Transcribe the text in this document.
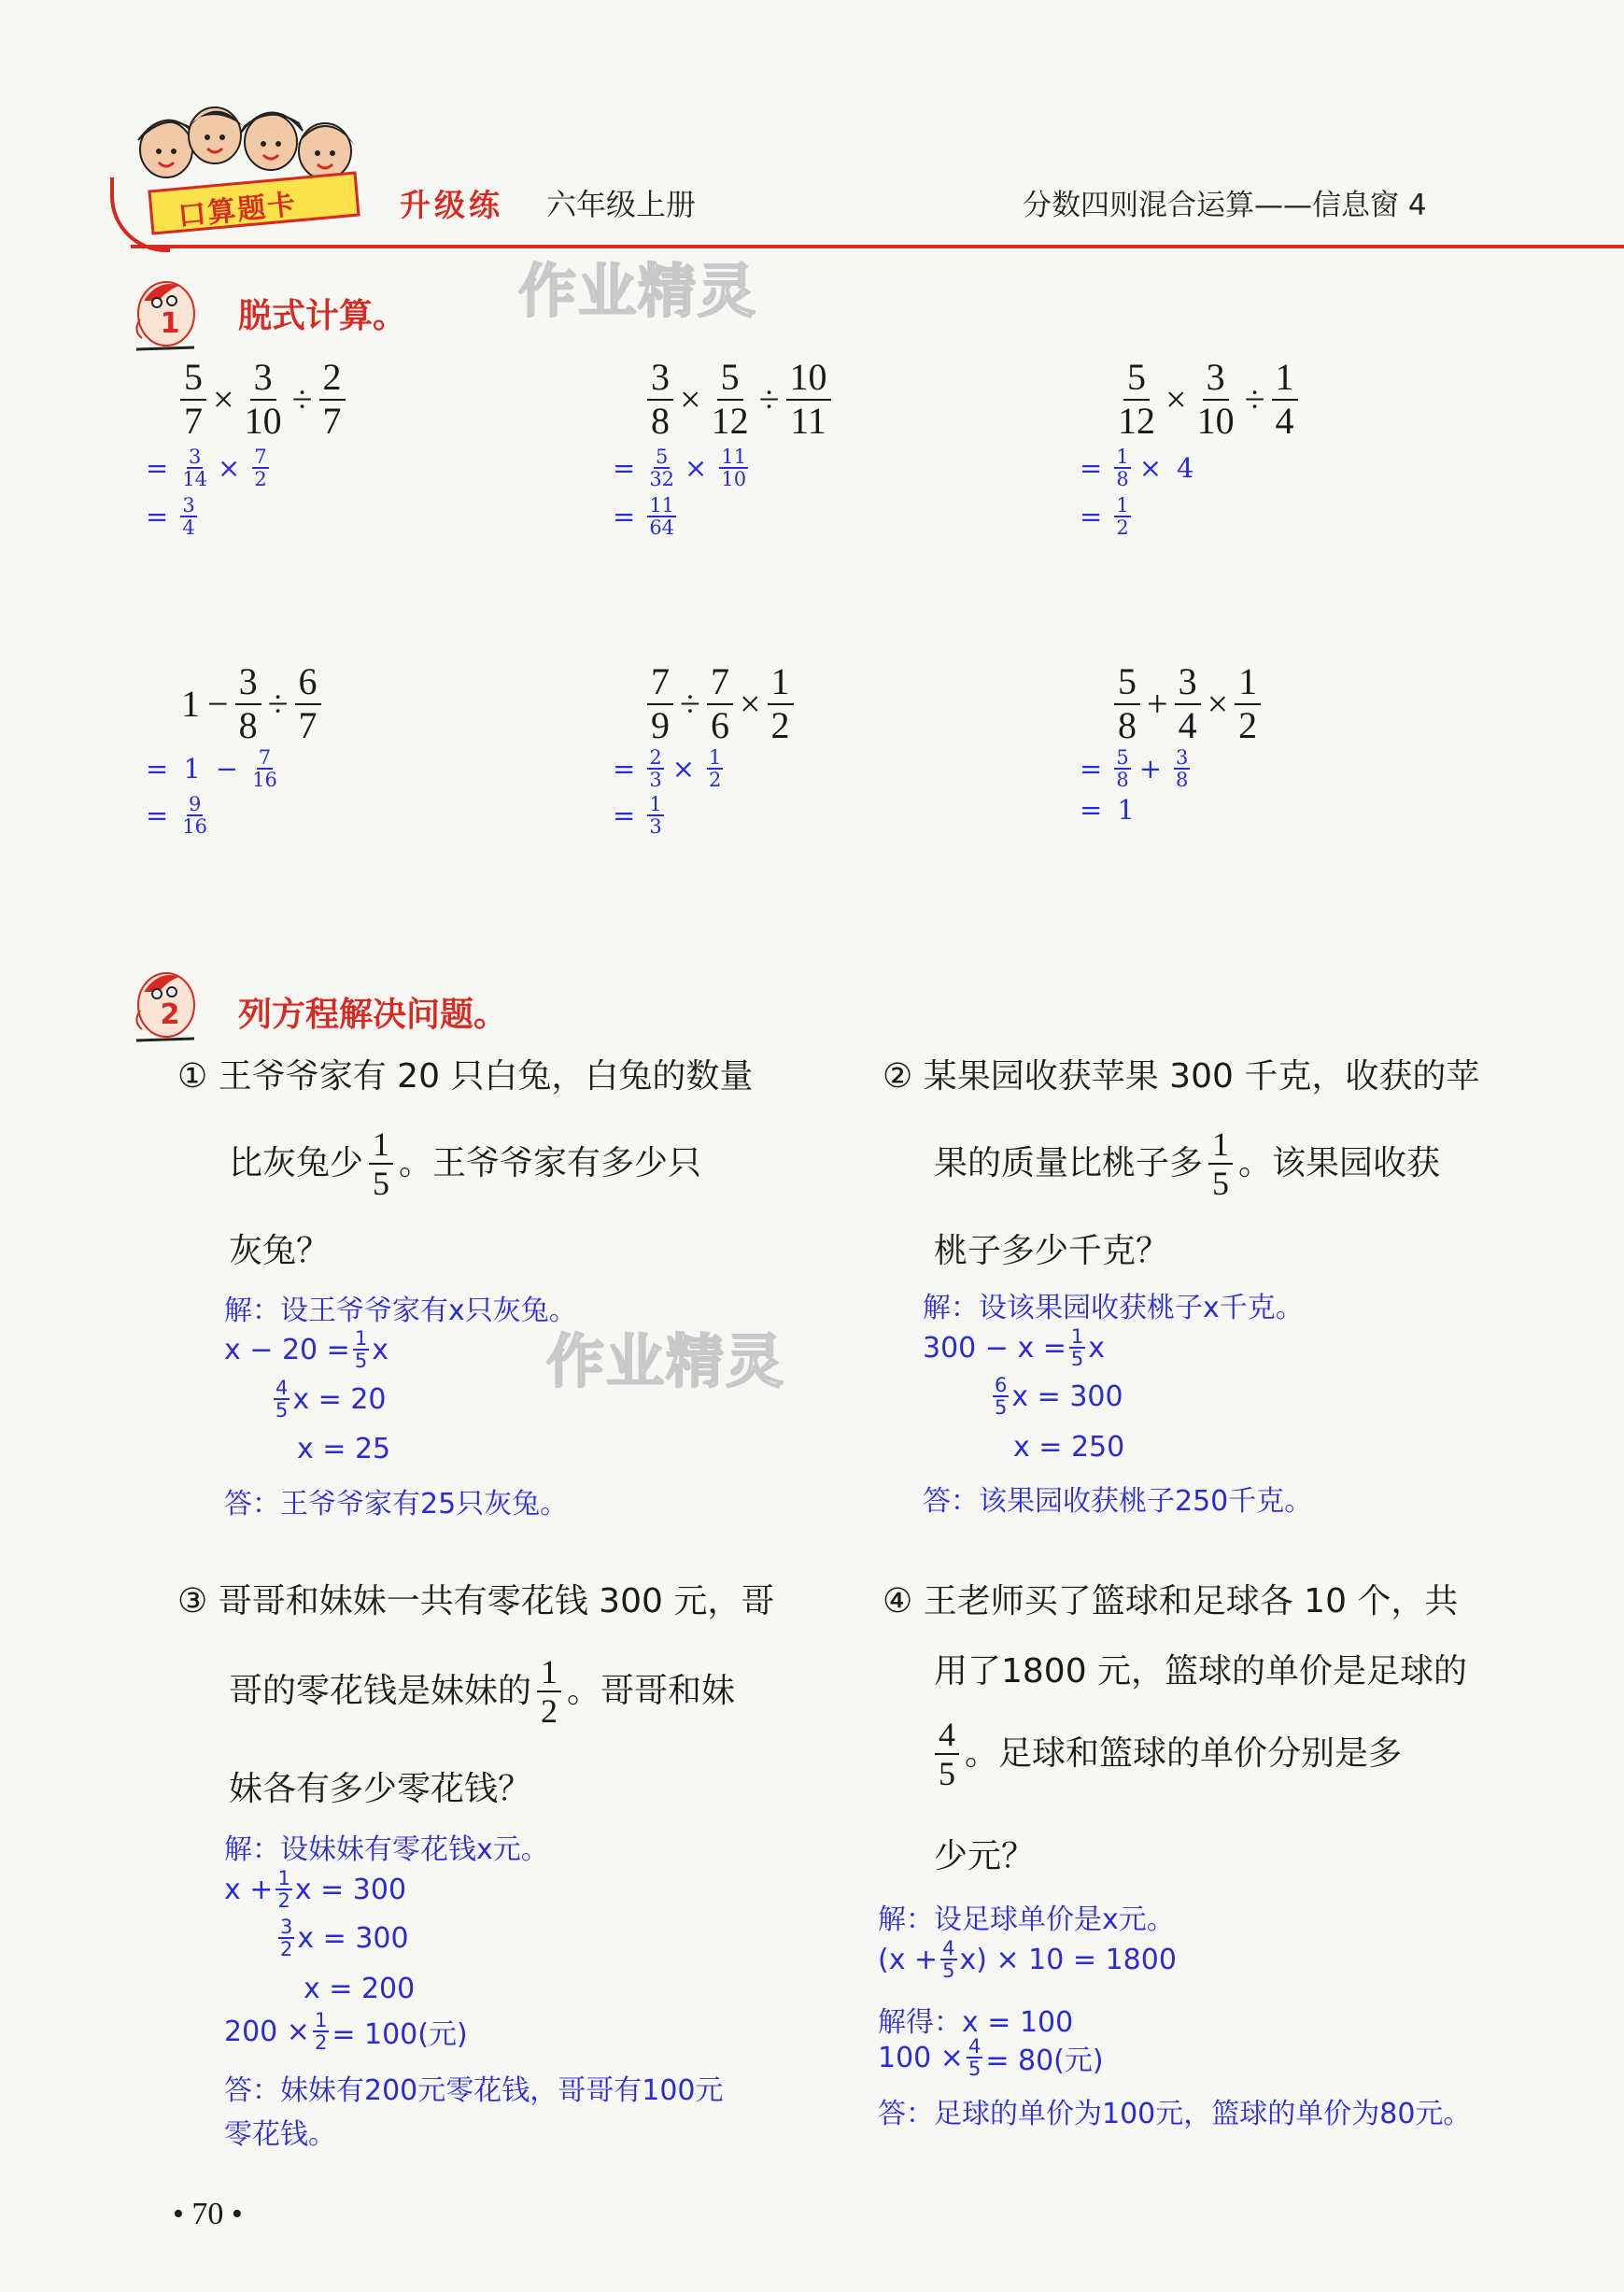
口算题卡	升级练 六年级上册	分数四则混合运算——信息窗 4
作业精灵
作业精灵
1 脱式计算。
$\frac{5}{7} \times \frac{3}{10} \div \frac{2}{7}$
= $\frac{3}{14} \times \frac{7}{2}$
= $\frac{3}{4}$
$\frac{3}{8} \times \frac{5}{12} \div \frac{10}{11}$
= $\frac{5}{32} \times \frac{11}{10}$
= $\frac{11}{64}$
$\frac{5}{12} \times \frac{3}{10} \div \frac{1}{4}$
= $\frac{1}{8} \times 4$
= $\frac{1}{2}$
$1 - \frac{3}{8} \div \frac{6}{7}$
= $1 - \frac{7}{16}$
= $\frac{9}{16}$
$\frac{7}{9} \div \frac{7}{6} \times \frac{1}{2}$
= $\frac{2}{3} \times \frac{1}{2}$
= $\frac{1}{3}$
$\frac{5}{8} + \frac{3}{4} \times \frac{1}{2}$
= $\frac{5}{8} + \frac{3}{8}$
= 1
2 列方程解决问题。
① 王爷爷家有 20 只白兔，白兔的数量
比灰兔少 $\frac{1}{5}$ 。王爷爷家有多少只
灰兔？
解：设王爷爷家有x只灰兔。
$x - 20 = \frac{1}{5}$ x
$\frac{4}{5}$ x = 20
x = 25
答：王爷爷家有25只灰兔。
② 某果园收获苹果 300 千克，收获的苹
果的质量比桃子多 $\frac{1}{5}$ 。该果园收获
桃子多少千克？
解：设该果园收获桃子x千克。
$300 - x = \frac{1}{5}$ x
$\frac{6}{5}$ x = 300
x = 250
答：该果园收获桃子250千克。
③ 哥哥和妹妹一共有零花钱 300 元，哥
哥的零花钱是妹妹的 $\frac{1}{2}$ 。哥哥和妹
妹各有多少零花钱？
解：设妹妹有零花钱x元。
$x + \frac{1}{2}$ x = 300
$\frac{3}{2}$ x = 300
x = 200
$200 \times \frac{1}{2} = 100$(元)
答：妹妹有200元零花钱，哥哥有100元
零花钱。
④ 王老师买了篮球和足球各 10 个，共
用了1800 元，篮球的单价是足球的
$\frac{4}{5}$ 。足球和篮球的单价分别是多
少元？
解：设足球单价是x元。
$(x + \frac{4}{5} x) \times 10 = 1800$
解得：x = 100
$100 \times \frac{4}{5} = 80$(元)
答：足球的单价为100元，篮球的单价为80元。
• 70 •
